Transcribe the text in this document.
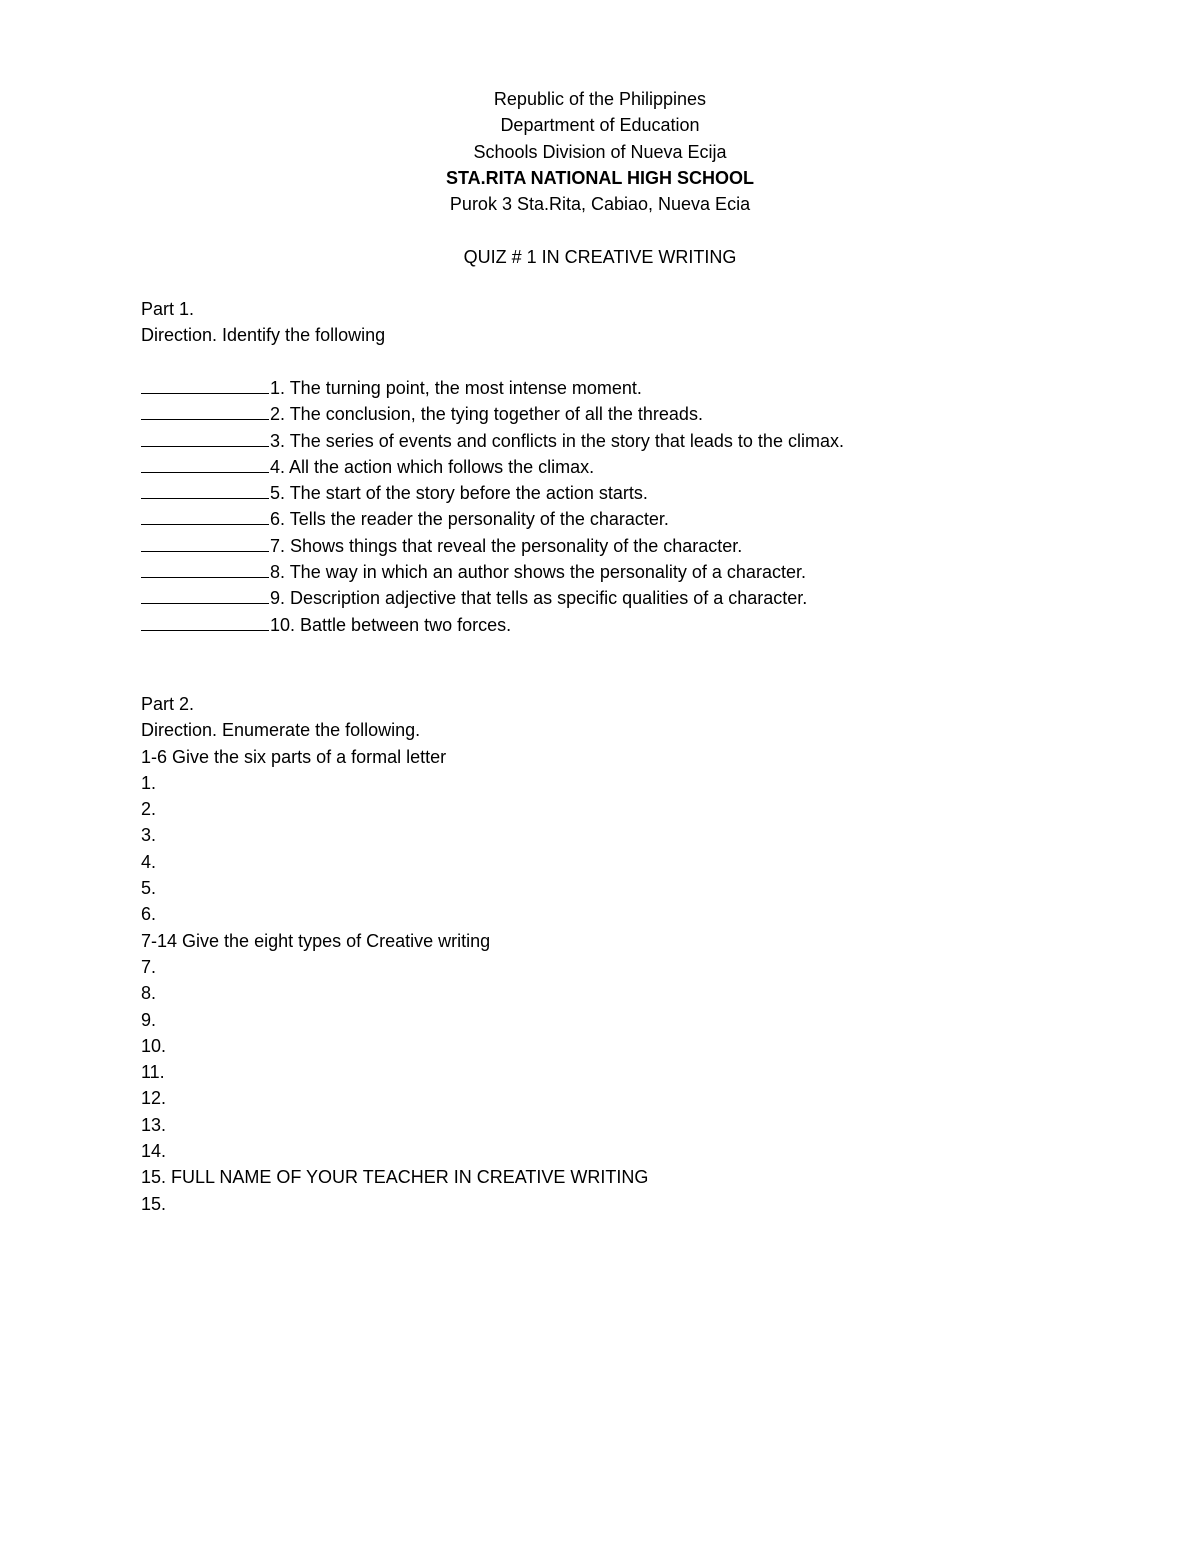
Republic of the Philippines
Department of Education
Schools Division of Nueva Ecija
STA.RITA NATIONAL HIGH SCHOOL
Purok 3 Sta.Rita, Cabiao, Nueva Ecia
QUIZ # 1 IN CREATIVE WRITING
Part 1.
Direction. Identify the following
1. The turning point, the most intense moment.
2. The conclusion, the tying together of all the threads.
3. The series of events and conflicts in the story that leads to the climax.
4. All the action which follows the climax.
5. The start of the story before the action starts.
6. Tells the reader the personality of the character.
7. Shows things that reveal the personality of the character.
8. The way in which an author shows the personality of a character.
9. Description adjective that tells as specific qualities of a character.
10. Battle between two forces.
Part 2.
Direction. Enumerate the following.
1-6 Give the six parts of a formal letter
1.
2.
3.
4.
5.
6.
7-14 Give the eight types of Creative writing
7.
8.
9.
10.
11.
12.
13.
14.
15. FULL NAME OF YOUR TEACHER IN CREATIVE WRITING
15.
